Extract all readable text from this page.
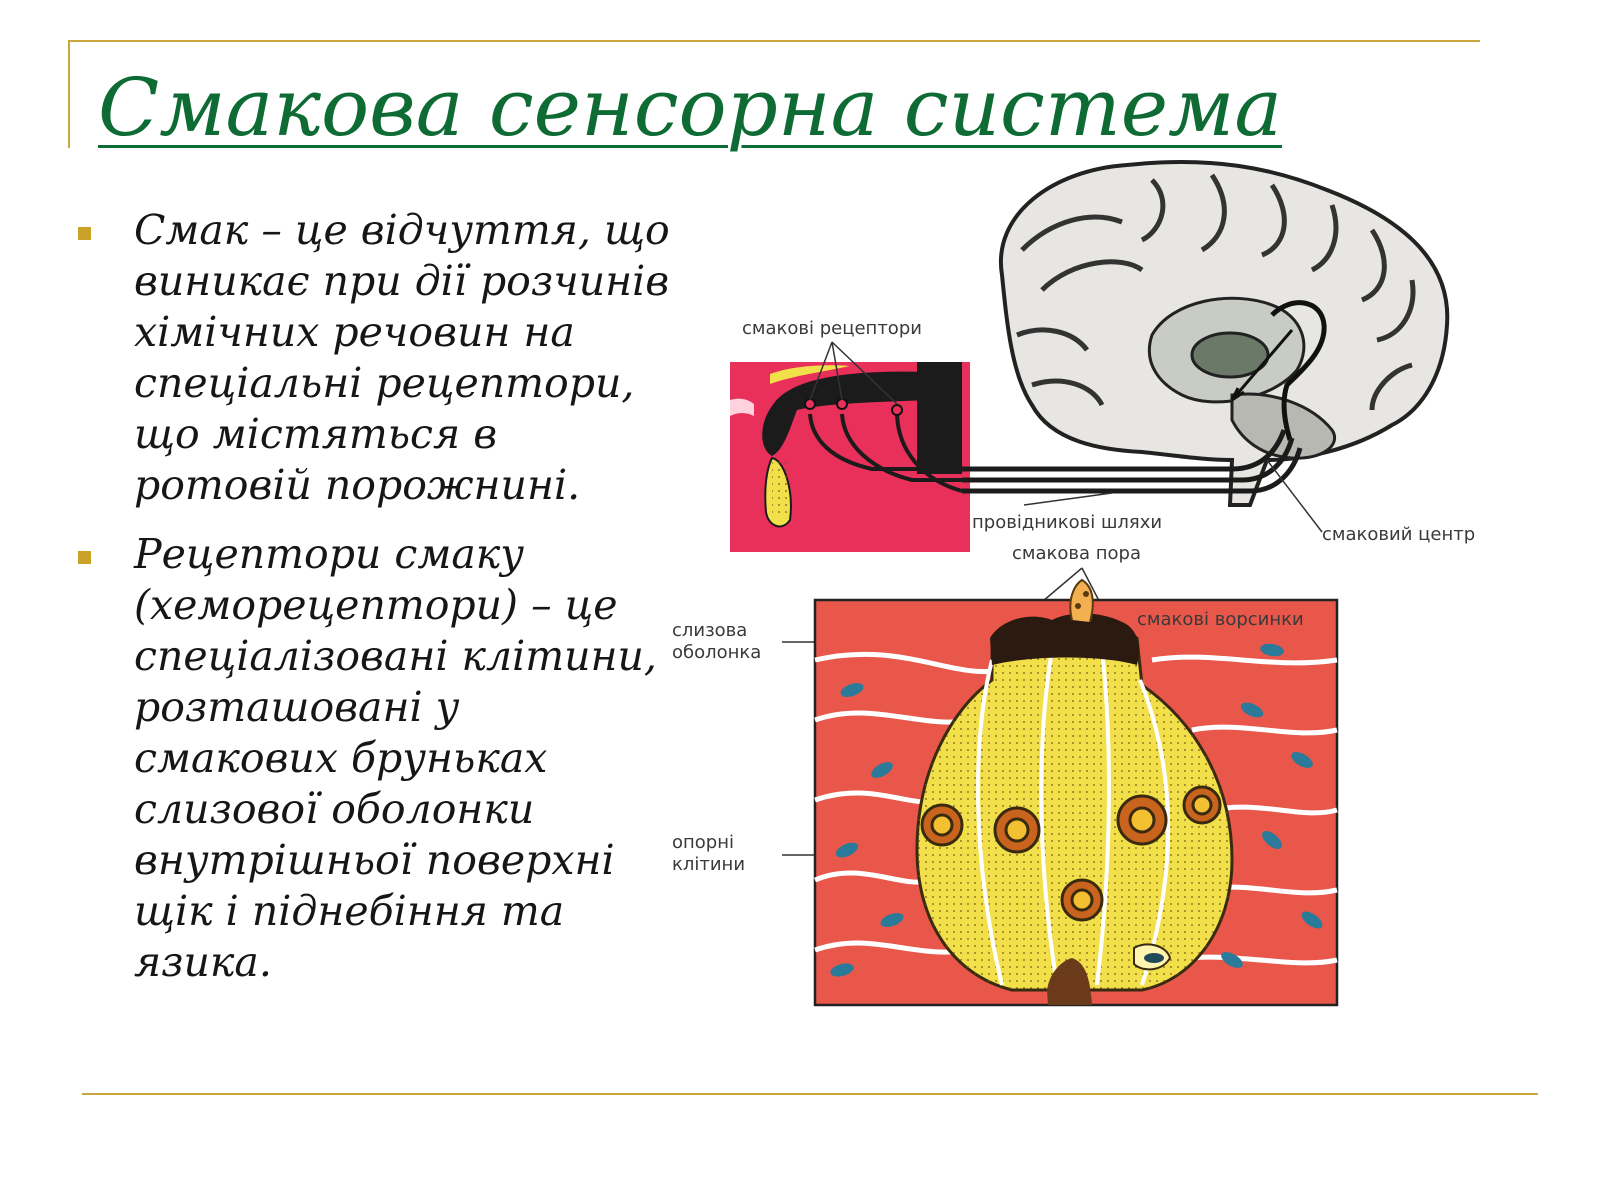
Смакова сенсорна система
Смак – це відчуття, що виникає при дії розчинів хімічних речовин на спеціальні рецептори, що містяться в ротовій порожнині.
Рецептори смаку (хеморецептори) – це спеціалізовані клітини, розташовані у смакових бруньках слизової оболонки внутрішньої поверхні щік і піднебіння та язика.
смакові рецептори
провідникові шляхи
смаковий центр
смакова пора
смакові ворсинки
слизова
оболонка
опорні
клітини
